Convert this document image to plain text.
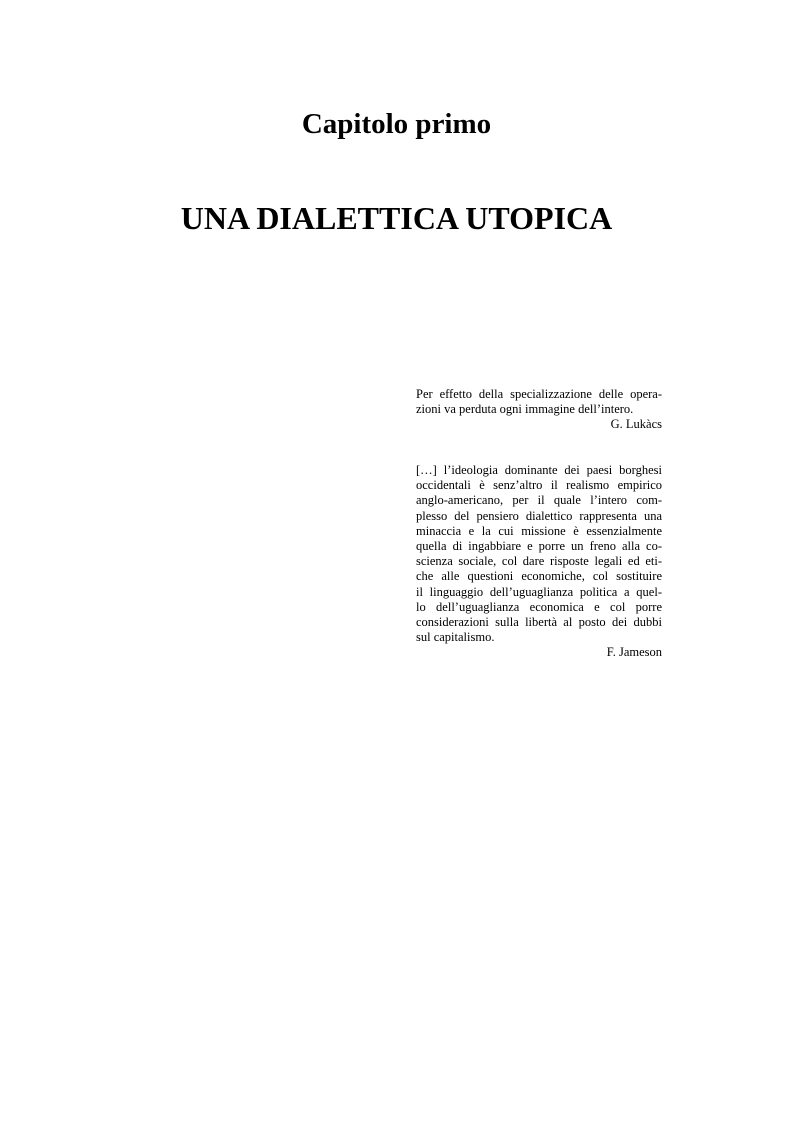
Capitolo primo
UNA DIALETTICA UTOPICA

Per effetto della specializzazione delle opera-
zioni va perduta ogni immagine dell’intero.

G. Lukàcs

[…] l’ideologia dominante dei paesi borghesi
occidentali è senz’altro il realismo empirico
anglo-americano, per il quale l’intero com-
plesso del pensiero dialettico rappresenta una
minaccia e la cui missione è essenzialmente
quella di ingabbiare e porre un freno alla co-
scienza sociale, col dare risposte legali ed eti-
che alle questioni economiche, col sostituire
il linguaggio dell’uguaglianza politica a quel-
lo dell’uguaglianza economica e col porre
considerazioni sulla libertà al posto dei dubbi
sul capitalismo.

F. Jameson
